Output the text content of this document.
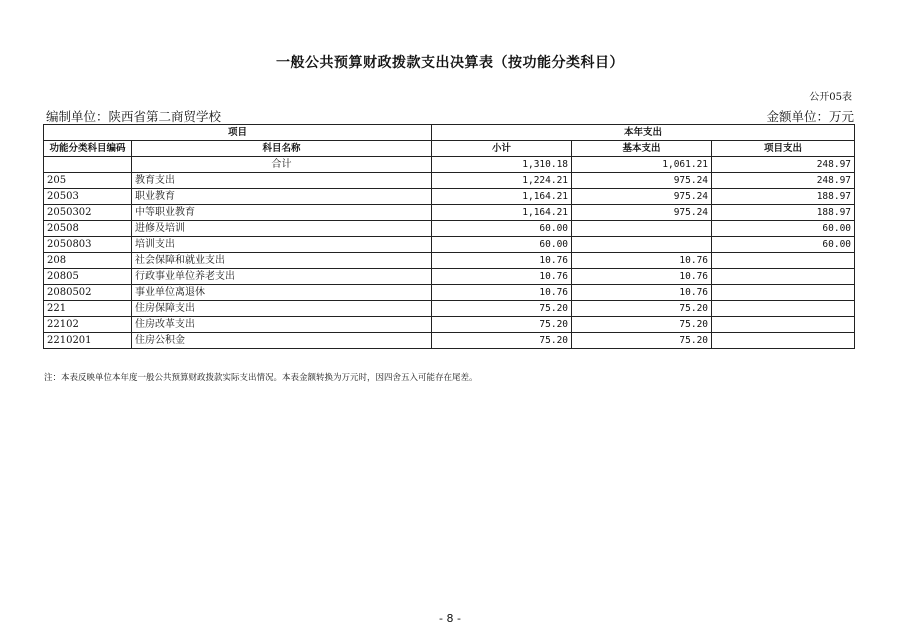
一般公共预算财政拨款支出决算表（按功能分类科目）
公开05表
编制单位：陕西省第二商贸学校	金额单位：万元
项目		本年支出		
功能分类科目编码	科目名称	小计	基本支出	项目支出
	合计	1,310.18	1,061.21	248.97
205	教育支出	1,224.21	975.24	248.97
20503	职业教育	1,164.21	975.24	188.97
2050302	中等职业教育	1,164.21	975.24	188.97
20508	进修及培训	60.00		60.00
2050803	培训支出	60.00		60.00
208	社会保障和就业支出	10.76	10.76	
20805	行政事业单位养老支出	10.76	10.76	
2080502	事业单位离退休	10.76	10.76	
221	住房保障支出	75.20	75.20	
22102	住房改革支出	75.20	75.20	
2210201	住房公积金	75.20	75.20	
注：本表反映单位本年度一般公共预算财政拨款实际支出情况。本表金额转换为万元时，因四舍五入可能存在尾差。
- 8 -
